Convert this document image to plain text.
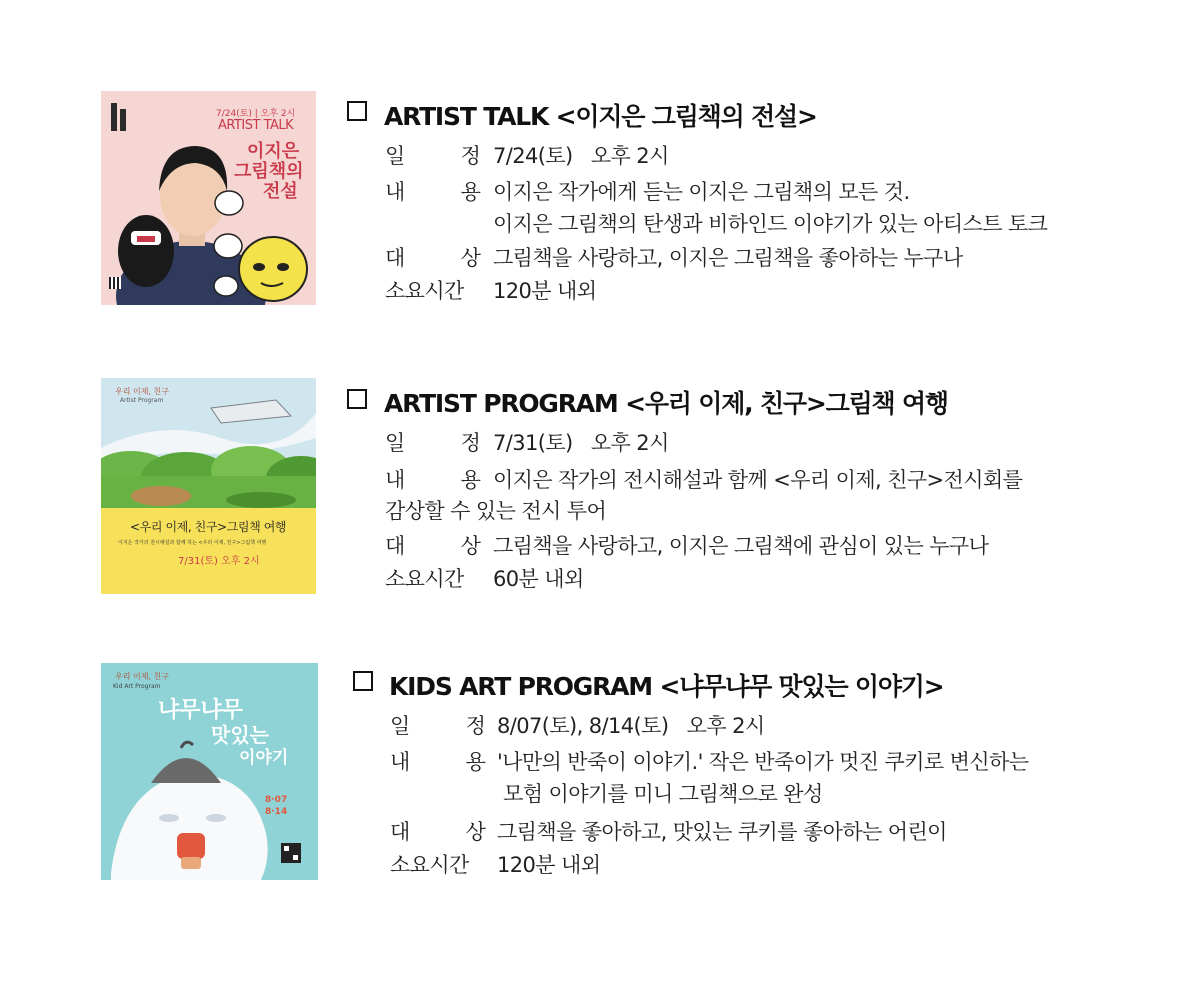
7/24(토) | 오후 2시
ARTIST TALK
이지은
그림책의
전설
ARTIST TALK <이지은 그림책의 전설>
일  정
7/24(토)   오후 2시
내  용
이지은 작가에게 듣는 이지은 그림책의 모든 것.
이지은 그림책의 탄생과 비하인드 이야기가 있는 아티스트 토크
대  상
그림책을 사랑하고, 이지은 그림책을 좋아하는 누구나
소요시간 120분 내외
우리 이제, 친구
Artist Program
<우리 이제, 친구>그림책 여행
이지은 작가의 전시해설과 함께 하는 <우리 이제, 친구>그림책 여행
7/31(토) 오후 2시
ARTIST PROGRAM <우리 이제, 친구>그림책 여행
일  정
7/31(토)   오후 2시
내  용
이지은 작가의 전시해설과 함께 <우리 이제, 친구>전시회를
감상할 수 있는 전시 투어
대  상
그림책을 사랑하고, 이지은 그림책에 관심이 있는 누구나
소요시간 60분 내외
우리 이제, 친구
Kid Art Program
냐무냐무
맛있는
이야기
8·07
8·14
KIDS ART PROGRAM <냐무냐무 맛있는 이야기>
일  정
8/07(토), 8/14(토)   오후 2시
내  용
'나만의 반죽이 이야기.' 작은 반죽이가 멋진 쿠키로 변신하는
모험 이야기를 미니 그림책으로 완성
대  상
그림책을 좋아하고, 맛있는 쿠키를 좋아하는 어린이
소요시간 120분 내외
